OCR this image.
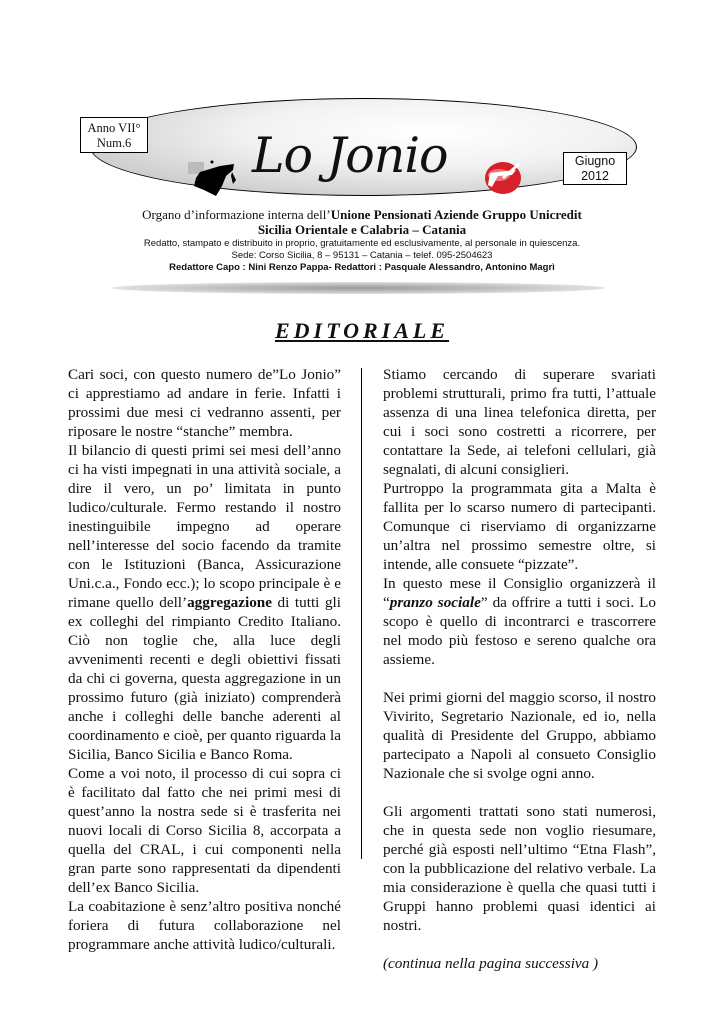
Anno VII°
Num.6	Lo Jonio	Giugno
2012
Organo d’informazione interna dell’Unione Pensionati Aziende Gruppo Unicredit
Sicilia Orientale e Calabria – Catania
Redatto, stampato e distribuito in proprio, gratuitamente ed esclusivamente, al personale in quiescenza.
Sede: Corso Sicilia, 8 – 95131 – Catania – telef. 095-2504623
Redattore Capo : Nini Renzo Pappa- Redattori : Pasquale Alessandro, Antonino Magrì
EDITORIALE

Cari soci, con questo numero de”Lo Jonio” ci apprestiamo ad andare in ferie. Infatti i prossimi due mesi ci vedranno assenti, per riposare le nostre “stanche” membra.

Il bilancio di questi primi sei mesi dell’anno ci ha visti impegnati in una attività sociale, a dire il vero, un po’ limitata in punto ludico/culturale. Fermo restando il nostro inestinguibile impegno ad operare nell’interesse del socio facendo da tramite con le Istituzioni (Banca, Assicurazione Uni.c.a., Fondo ecc.); lo scopo principale è e rimane quello dell’aggregazione di tutti gli ex colleghi del rimpianto Credito Italiano. Ciò non toglie che, alla luce degli avvenimenti recenti e degli obiettivi fissati da chi ci governa, questa aggregazione in un prossimo futuro (già iniziato) comprenderà anche i colleghi delle banche aderenti al coordinamento e cioè, per quanto riguarda la Sicilia, Banco Sicilia e Banco Roma.

Come a voi noto, il processo di cui sopra ci è facilitato dal fatto che nei primi mesi di quest’anno la nostra sede si è trasferita nei nuovi locali di Corso Sicilia 8, accorpata a quella del CRAL, i cui componenti nella gran parte sono rappresentati da dipendenti dell’ex Banco Sicilia.

La coabitazione è senz’altro positiva nonché foriera di futura collaborazione nel programmare anche attività ludico/culturali.

Stiamo cercando di superare svariati problemi strutturali, primo fra tutti, l’attuale assenza di una linea telefonica diretta, per cui i soci sono costretti a ricorrere, per contattare la Sede, ai telefoni cellulari, già segnalati, di alcuni consiglieri.

Purtroppo la programmata gita a Malta è fallita per lo scarso numero di partecipanti. Comunque ci riserviamo di organizzarne un’altra nel prossimo semestre oltre, si intende, alle consuete “pizzate”.

In questo mese il Consiglio organizzerà il “pranzo sociale” da offrire a tutti i soci. Lo scopo è quello di incontrarci e trascorrere nel modo più festoso e sereno qualche ora assieme.

Nei primi giorni del maggio scorso, il nostro Vivirito, Segretario Nazionale, ed io, nella qualità di Presidente del Gruppo, abbiamo partecipato a Napoli al consueto Consiglio Nazionale che si svolge ogni anno.

Gli argomenti trattati sono stati numerosi, che in questa sede non voglio riesumare, perché già esposti nell’ultimo “Etna Flash”, con la pubblicazione del relativo verbale. La mia considerazione è quella che quasi tutti i Gruppi hanno problemi quasi identici ai nostri.

(continua nella pagina successiva )
